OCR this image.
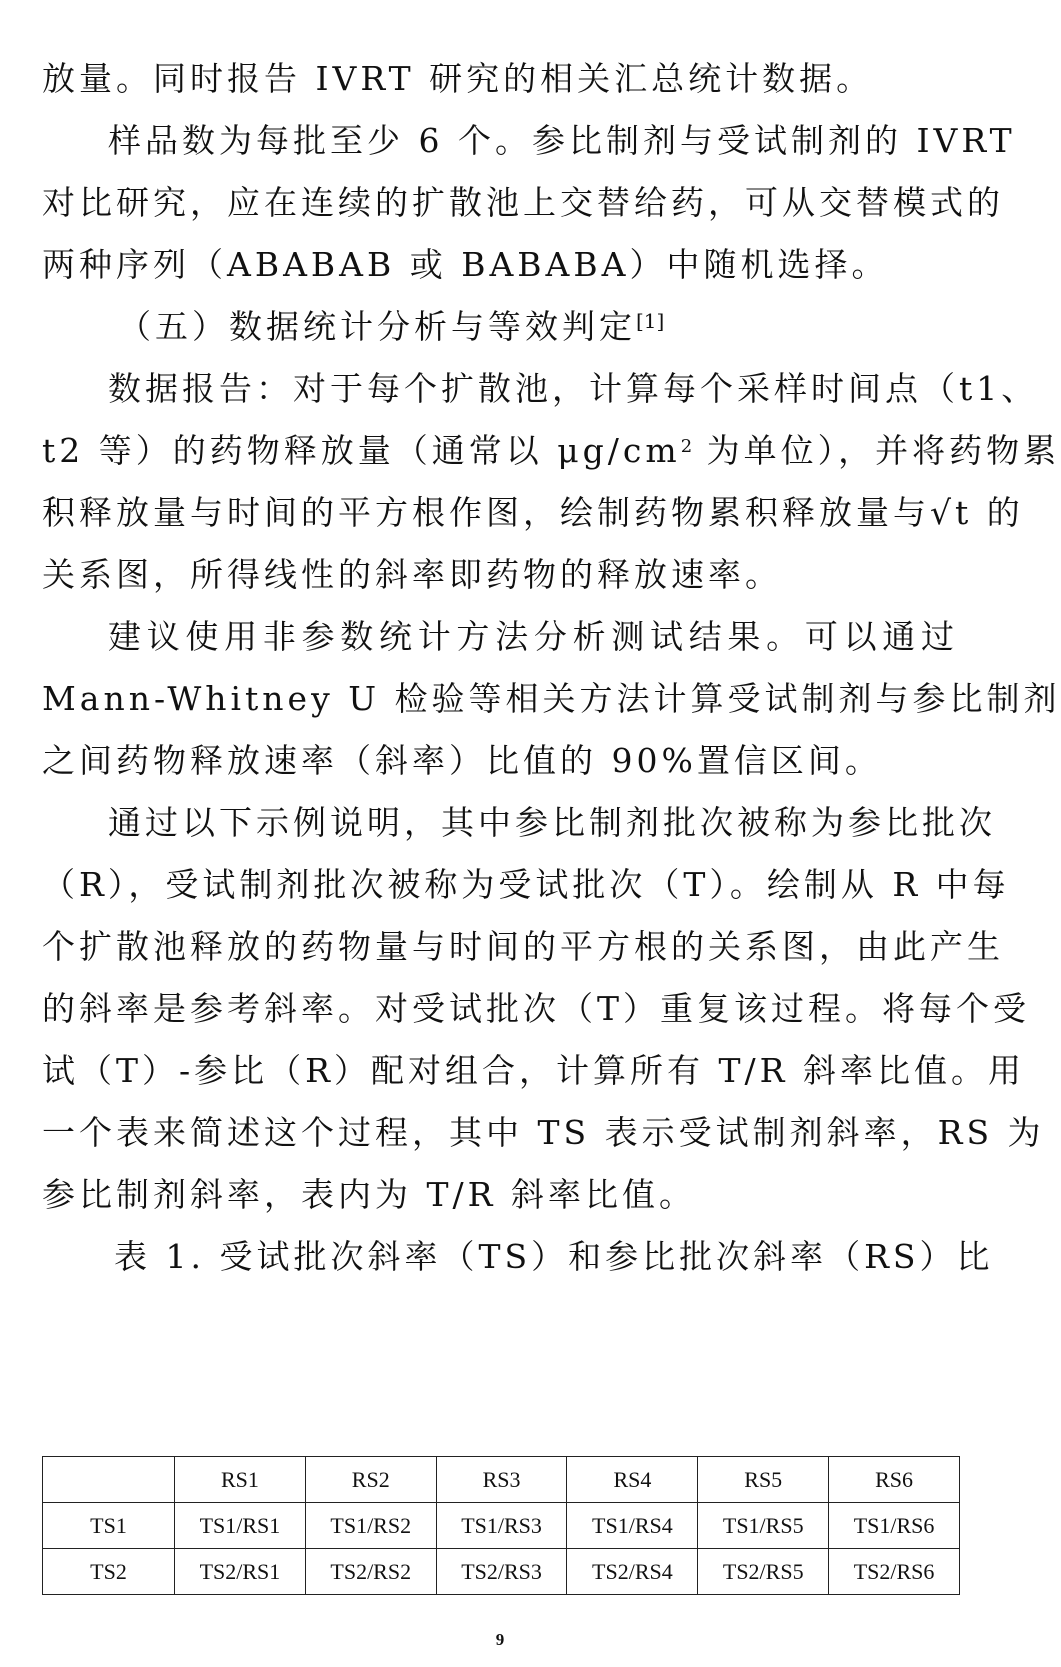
放量。同时报告 IVRT 研究的相关汇总统计数据。
样品数为每批至少 6 个。参比制剂与受试制剂的 IVRT
对比研究，应在连续的扩散池上交替给药，可从交替模式的
两种序列（ABABAB 或 BABABA）中随机选择。
（五）数据统计分析与等效判定[1]
数据报告：对于每个扩散池，计算每个采样时间点（t1、
t2 等）的药物释放量（通常以 $\mu g/cm^2$ 为单位），并将药物累
积释放量与时间的平方根作图，绘制药物累积释放量与√t 的
关系图，所得线性的斜率即药物的释放速率。
建议使用非参数统计方法分析测试结果。可以通过
Mann-Whitney U 检验等相关方法计算受试制剂与参比制剂
之间药物释放速率（斜率）比值的 90%置信区间。
通过以下示例说明，其中参比制剂批次被称为参比批次
（R），受试制剂批次被称为受试批次（T）。绘制从 R 中每
个扩散池释放的药物量与时间的平方根的关系图，由此产生
的斜率是参考斜率。对受试批次（T）重复该过程。将每个受
试（T）-参比（R）配对组合，计算所有 T/R 斜率比值。用
一个表来简述这个过程，其中 TS 表示受试制剂斜率，RS 为
参比制剂斜率，表内为 T/R 斜率比值。
表 1. 受试批次斜率（TS）和参比批次斜率（RS）比
	RS1	RS2	RS3	RS4	RS5	RS6
TS1	TS1/RS1	TS1/RS2	TS1/RS3	TS1/RS4	TS1/RS5	TS1/RS6
TS2	TS2/RS1	TS2/RS2	TS2/RS3	TS2/RS4	TS2/RS5	TS2/RS6
9
